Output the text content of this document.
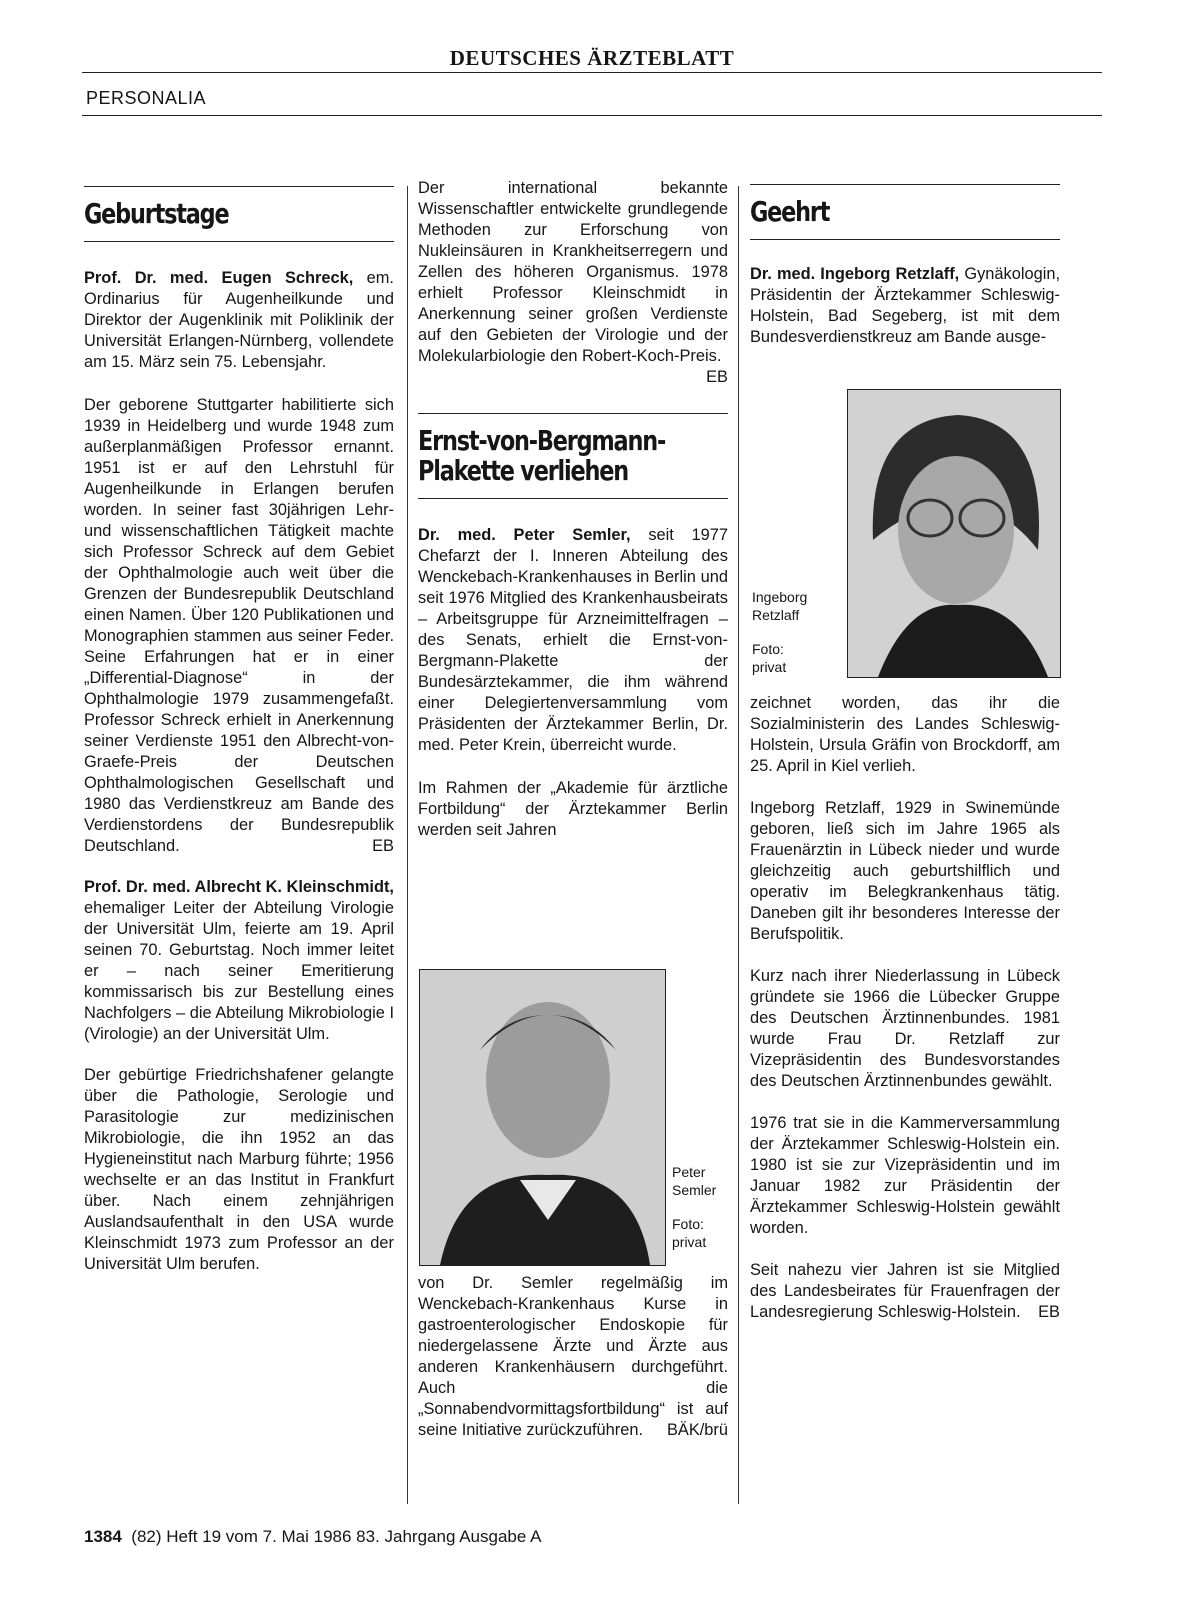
DEUTSCHES ÄRZTEBLATT
PERSONALIA
Geburtstage

Prof. Dr. med. Eugen Schreck, em. Ordinarius für Augenheilkunde und Direktor der Augenklinik mit Poliklinik der Universität Erlangen-Nürnberg, vollendete am 15. März sein 75. Lebensjahr.

Der geborene Stuttgarter habilitierte sich 1939 in Heidelberg und wurde 1948 zum außerplanmäßigen Professor ernannt. 1951 ist er auf den Lehrstuhl für Augenheilkunde in Erlangen berufen worden. In seiner fast 30jährigen Lehr- und wissenschaftlichen Tätigkeit machte sich Professor Schreck auf dem Gebiet der Ophthalmologie auch weit über die Grenzen der Bundesrepublik Deutschland einen Namen. Über 120 Publikationen und Monographien stammen aus seiner Feder. Seine Erfahrungen hat er in einer „Differential-Diagnose“ in der Ophthalmologie 1979 zusammengefaßt. Professor Schreck erhielt in Anerkennung seiner Verdienste 1951 den Albrecht-von-Graefe-Preis der Deutschen Ophthalmologischen Gesellschaft und 1980 das Verdienstkreuz am Bande des Verdienstordens der Bundesrepublik Deutschland.	EB

Prof. Dr. med. Albrecht K. Kleinschmidt, ehemaliger Leiter der Abteilung Virologie der Universität Ulm, feierte am 19. April seinen 70. Geburtstag. Noch immer leitet er – nach seiner Emeritierung kommissarisch bis zur Bestellung eines Nachfolgers – die Abteilung Mikrobiologie I (Virologie) an der Universität Ulm.

Der gebürtige Friedrichshafener gelangte über die Pathologie, Serologie und Parasitologie zur medizinischen Mikrobiologie, die ihn 1952 an das Hygieneinstitut nach Marburg führte; 1956 wechselte er an das Institut in Frankfurt über. Nach einem zehnjährigen Auslandsaufenthalt in den USA wurde Kleinschmidt 1973 zum Professor an der Universität Ulm berufen.

Der international bekannte Wissenschaftler entwickelte grundlegende Methoden zur Erforschung von Nukleinsäuren in Krankheitserregern und Zellen des höheren Organismus. 1978 erhielt Professor Kleinschmidt in Anerkennung seiner großen Verdienste auf den Gebieten der Virologie und der Molekularbiologie den Robert-Koch-Preis.
EB

Ernst-von-Bergmann-
Plakette verliehen

Dr. med. Peter Semler, seit 1977 Chefarzt der I. Inneren Abteilung des Wenckebach-Krankenhauses in Berlin und seit 1976 Mitglied des Krankenhausbeirats – Arbeitsgruppe für Arzneimittelfragen – des Senats, erhielt die Ernst-von-Bergmann-Plakette der Bundesärztekammer, die ihm während einer Delegiertenversammlung vom Präsidenten der Ärztekammer Berlin, Dr. med. Peter Krein, überreicht wurde.

Im Rahmen der „Akademie für ärztliche Fortbildung“ der Ärztekammer Berlin werden seit Jahren

Peter
Semler
Foto:
privat

von Dr. Semler regelmäßig im Wenckebach-Krankenhaus Kurse in gastroenterologischer Endoskopie für niedergelassene Ärzte und Ärzte aus anderen Krankenhäusern durchgeführt. Auch die „Sonnabendvormittagsfortbildung“ ist auf seine Initiative zurückzuführen. BÄK/brü

Geehrt

Dr. med. Ingeborg Retzlaff, Gynäkologin, Präsidentin der Ärztekammer Schleswig-Holstein, Bad Segeberg, ist mit dem Bundesverdienstkreuz am Bande ausge-

Ingeborg
Retzlaff
Foto:
privat

zeichnet worden, das ihr die Sozialministerin des Landes Schleswig-Holstein, Ursula Gräfin von Brockdorff, am 25. April in Kiel verlieh.

Ingeborg Retzlaff, 1929 in Swinemünde geboren, ließ sich im Jahre 1965 als Frauenärztin in Lübeck nieder und wurde gleichzeitig auch geburtshilflich und operativ im Belegkrankenhaus tätig. Daneben gilt ihr besonderes Interesse der Berufspolitik.

Kurz nach ihrer Niederlassung in Lübeck gründete sie 1966 die Lübecker Gruppe des Deutschen Ärztinnenbundes. 1981 wurde Frau Dr. Retzlaff zur Vizepräsidentin des Bundesvorstandes des Deutschen Ärztinnenbundes gewählt.

1976 trat sie in die Kammerversammlung der Ärztekammer Schleswig-Holstein ein. 1980 ist sie zur Vizepräsidentin und im Januar 1982 zur Präsidentin der Ärztekammer Schleswig-Holstein gewählt worden.

Seit nahezu vier Jahren ist sie Mitglied des Landesbeirates für Frauenfragen der Landesregierung Schleswig-Holstein. EB

1384 (82) Heft 19 vom 7. Mai 1986 83. Jahrgang Ausgabe A
